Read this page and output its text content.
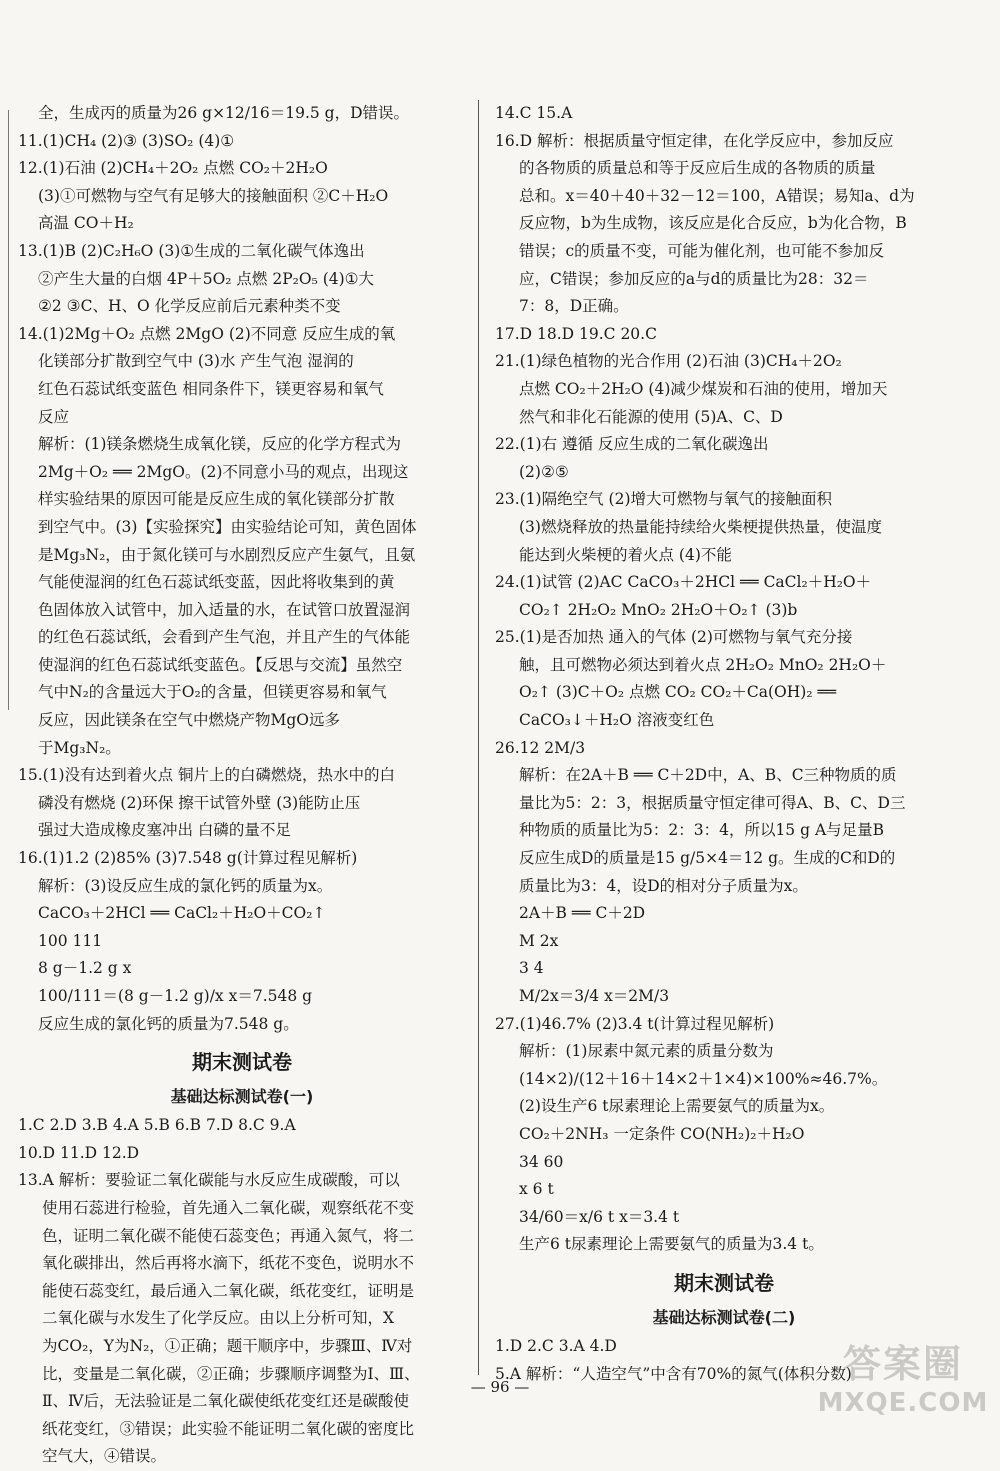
全，生成丙的质量为26 g×12/16＝19.5 g，D错误。
11.(1)CH₄ (2)③ (3)SO₂ (4)①
12.(1)石油 (2)CH₄＋2O₂ 点燃 CO₂＋2H₂O
(3)①可燃物与空气有足够大的接触面积 ②C＋H₂O
高温 CO＋H₂
13.(1)B (2)C₂H₆O (3)①生成的二氧化碳气体逸出
②产生大量的白烟 4P＋5O₂ 点燃 2P₂O₅ (4)①大
②2 ③C、H、O 化学反应前后元素种类不变
14.(1)2Mg＋O₂ 点燃 2MgO (2)不同意 反应生成的氧
化镁部分扩散到空气中 (3)水 产生气泡 湿润的
红色石蕊试纸变蓝色 相同条件下，镁更容易和氧气
反应
解析：(1)镁条燃烧生成氧化镁，反应的化学方程式为
2Mg＋O₂ ══ 2MgO。(2)不同意小马的观点，出现这
样实验结果的原因可能是反应生成的氧化镁部分扩散
到空气中。(3)【实验探究】由实验结论可知，黄色固体
是Mg₃N₂，由于氮化镁可与水剧烈反应产生氨气，且氨
气能使湿润的红色石蕊试纸变蓝，因此将收集到的黄
色固体放入试管中，加入适量的水，在试管口放置湿润
的红色石蕊试纸，会看到产生气泡，并且产生的气体能
使湿润的红色石蕊试纸变蓝色。【反思与交流】虽然空
气中N₂的含量远大于O₂的含量，但镁更容易和氧气
反应，因此镁条在空气中燃烧产物MgO远多
于Mg₃N₂。
15.(1)没有达到着火点 铜片上的白磷燃烧，热水中的白
磷没有燃烧 (2)环保 擦干试管外壁 (3)能防止压
强过大造成橡皮塞冲出 白磷的量不足
16.(1)1.2 (2)85% (3)7.548 g(计算过程见解析)
解析：(3)设反应生成的氯化钙的质量为x。
CaCO₃＋2HCl ══ CaCl₂＋H₂O＋CO₂↑
100 111
8 g－1.2 g x
100/111＝(8 g－1.2 g)/x x＝7.548 g
反应生成的氯化钙的质量为7.548 g。
期末测试卷
基础达标测试卷(一)
1.C 2.D 3.B 4.A 5.B 6.B 7.D 8.C 9.A
10.D 11.D 12.D
13.A 解析：要验证二氧化碳能与水反应生成碳酸，可以
使用石蕊进行检验，首先通入二氧化碳，观察纸花不变
色，证明二氧化碳不能使石蕊变色；再通入氮气，将二
氧化碳排出，然后再将水滴下，纸花不变色，说明水不
能使石蕊变红，最后通入二氧化碳，纸花变红，证明是
二氧化碳与水发生了化学反应。由以上分析可知，X
为CO₂，Y为N₂，①正确；题干顺序中，步骤Ⅲ、Ⅳ对
比，变量是二氧化碳，②正确；步骤顺序调整为Ⅰ、Ⅲ、
Ⅱ、Ⅳ后，无法验证是二氧化碳使纸花变红还是碳酸使
纸花变红，③错误；此实验不能证明二氧化碳的密度比
空气大，④错误。
14.C 15.A
16.D 解析：根据质量守恒定律，在化学反应中，参加反应
的各物质的质量总和等于反应后生成的各物质的质量
总和。x＝40＋40＋32－12＝100，A错误；易知a、d为
反应物，b为生成物，该反应是化合反应，b为化合物，B
错误；c的质量不变，可能为催化剂，也可能不参加反
应，C错误；参加反应的a与d的质量比为28：32＝
7：8，D正确。
17.D 18.D 19.C 20.C
21.(1)绿色植物的光合作用 (2)石油 (3)CH₄＋2O₂
点燃 CO₂＋2H₂O (4)减少煤炭和石油的使用，增加天
然气和非化石能源的使用 (5)A、C、D
22.(1)右 遵循 反应生成的二氧化碳逸出
(2)②⑤
23.(1)隔绝空气 (2)增大可燃物与氧气的接触面积
(3)燃烧释放的热量能持续给火柴梗提供热量，使温度
能达到火柴梗的着火点 (4)不能
24.(1)试管 (2)AC CaCO₃＋2HCl ══ CaCl₂＋H₂O＋
CO₂↑ 2H₂O₂ MnO₂ 2H₂O＋O₂↑ (3)b
25.(1)是否加热 通入的气体 (2)可燃物与氧气充分接
触，且可燃物必须达到着火点 2H₂O₂ MnO₂ 2H₂O＋
O₂↑ (3)C＋O₂ 点燃 CO₂ CO₂＋Ca(OH)₂ ══
CaCO₃↓＋H₂O 溶液变红色
26.12 2M/3
解析：在2A＋B ══ C＋2D中，A、B、C三种物质的质
量比为5：2：3，根据质量守恒定律可得A、B、C、D三
种物质的质量比为5：2：3：4，所以15 g A与足量B
反应生成D的质量是15 g/5×4＝12 g。生成的C和D的
质量比为3：4，设D的相对分子质量为x。
2A＋B ══ C＋2D
M 2x
3 4
M/2x＝3/4 x＝2M/3
27.(1)46.7% (2)3.4 t(计算过程见解析)
解析：(1)尿素中氮元素的质量分数为
(14×2)/(12＋16＋14×2＋1×4)×100%≈46.7%。
(2)设生产6 t尿素理论上需要氨气的质量为x。
CO₂＋2NH₃ 一定条件 CO(NH₂)₂＋H₂O
34 60
x 6 t
34/60＝x/6 t x＝3.4 t
生产6 t尿素理论上需要氨气的质量为3.4 t。
期末测试卷
基础达标测试卷(二)
1.D 2.C 3.A 4.D
5.A 解析：“人造空气”中含有70%的氮气(体积分数)
— 96 —
答案圈
MXQE.COM
